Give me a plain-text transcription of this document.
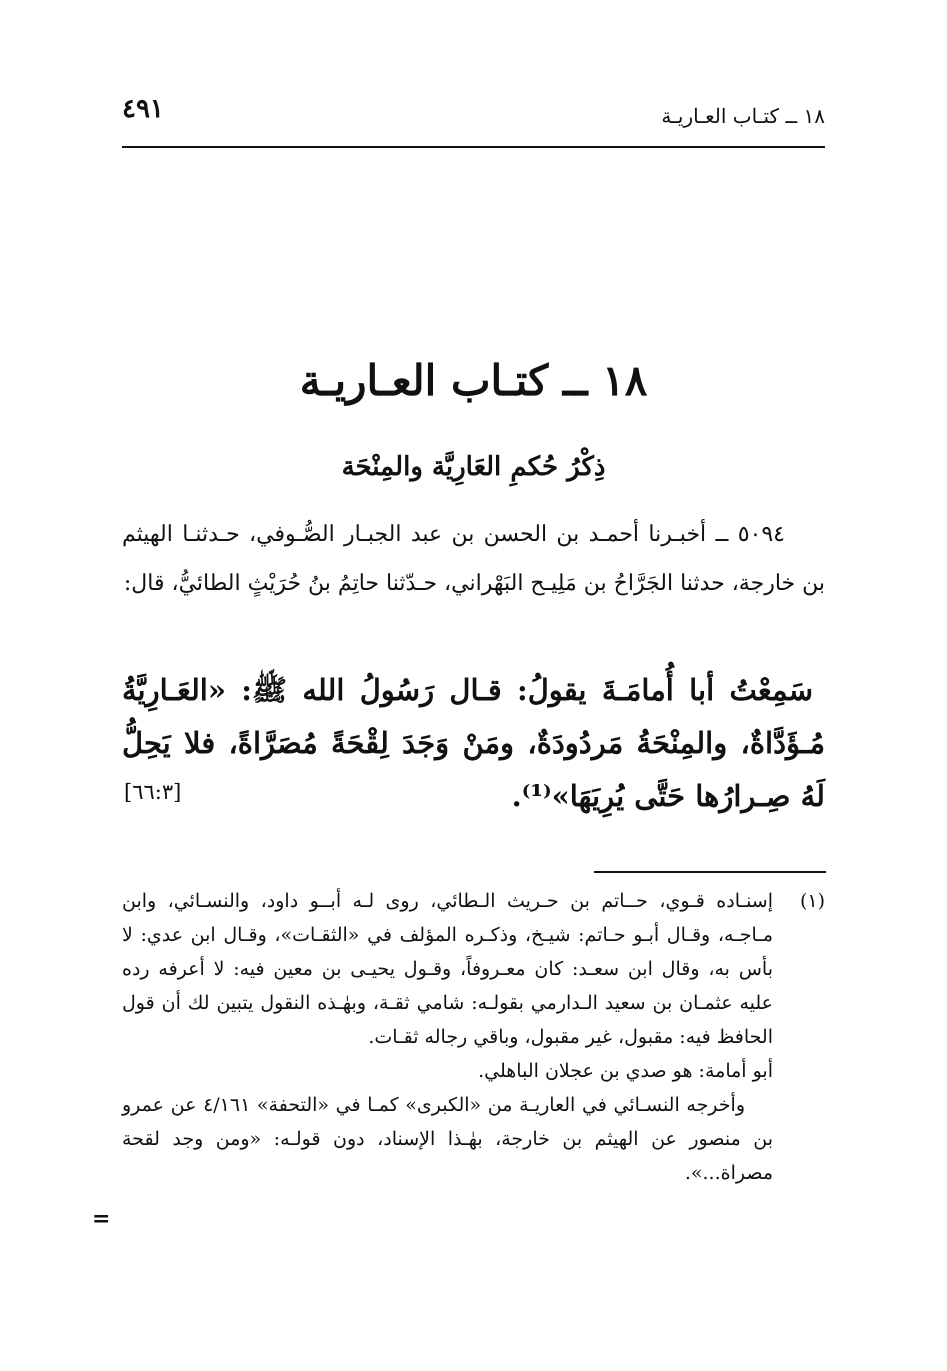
١٨ ــ كتـاب العـاريـة
٤٩١
١٨ ــ كتـاب العـاريـة
ذِكْرُ حُكمِ العَارِيَّة والمِنْحَة
٥٠٩٤ ــ أخبـرنا أحمـد بن الحسن بن عبد الجبـار الصُّـوفي، حـدثنـا الهيثم بن خارجة، حدثنا الجَرَّاحُ بن مَلِيـح البَهْراني، حـدّثنا حاتِمُ بنُ حُرَيْثٍ الطائيُّ، قال:
سَمِعْتُ أبا أُمامَـةَ يقولُ: قـال رَسُولُ الله ﷺ: «العَـارِيَّةُ مُـؤَدَّاةٌ، والمِنْحَةُ مَردُودَةٌ، ومَنْ وَجَدَ لِقْحَةً مُصَرَّاةً، فلا يَحِلُّ لَهُ صِـرارُها حَتَّى يُرِيَهَا»⁽¹⁾.
[٦٦:٣]
(١)

إسنـاده قـوي، حــاتم بن حـريث الـطائي، روى لـه أبــو داود، والنسـائي، وابن مـاجـه، وقـال أبـو حـاتم: شيـخ، وذكـره المؤلف في «الثقـات»، وقـال ابن عدي: لا بأس به، وقال ابن سعـد: كان معـروفاً، وقـول يحيـى بن معين فيه: لا أعرفه رده عليه عثمـان بن سعيد الـدارمي بقولـه: شامي ثقـة، وبهٰـذه النقول يتبين لك أن قول الحافظ فيه: مقبول، غير مقبول، وباقي رجاله ثقـات.

أبو أمامة: هو صدي بن عجلان الباهلي.

وأخرجه النسـائي في العاريـة من «الكبرى» كمـا في «التحفة» ٤/١٦١ عن عمرو بن منصور عن الهيثم بن خارجة، بهٰـذا الإسناد، دون قولـه: «ومن وجد لقحة مصراة...».

=
